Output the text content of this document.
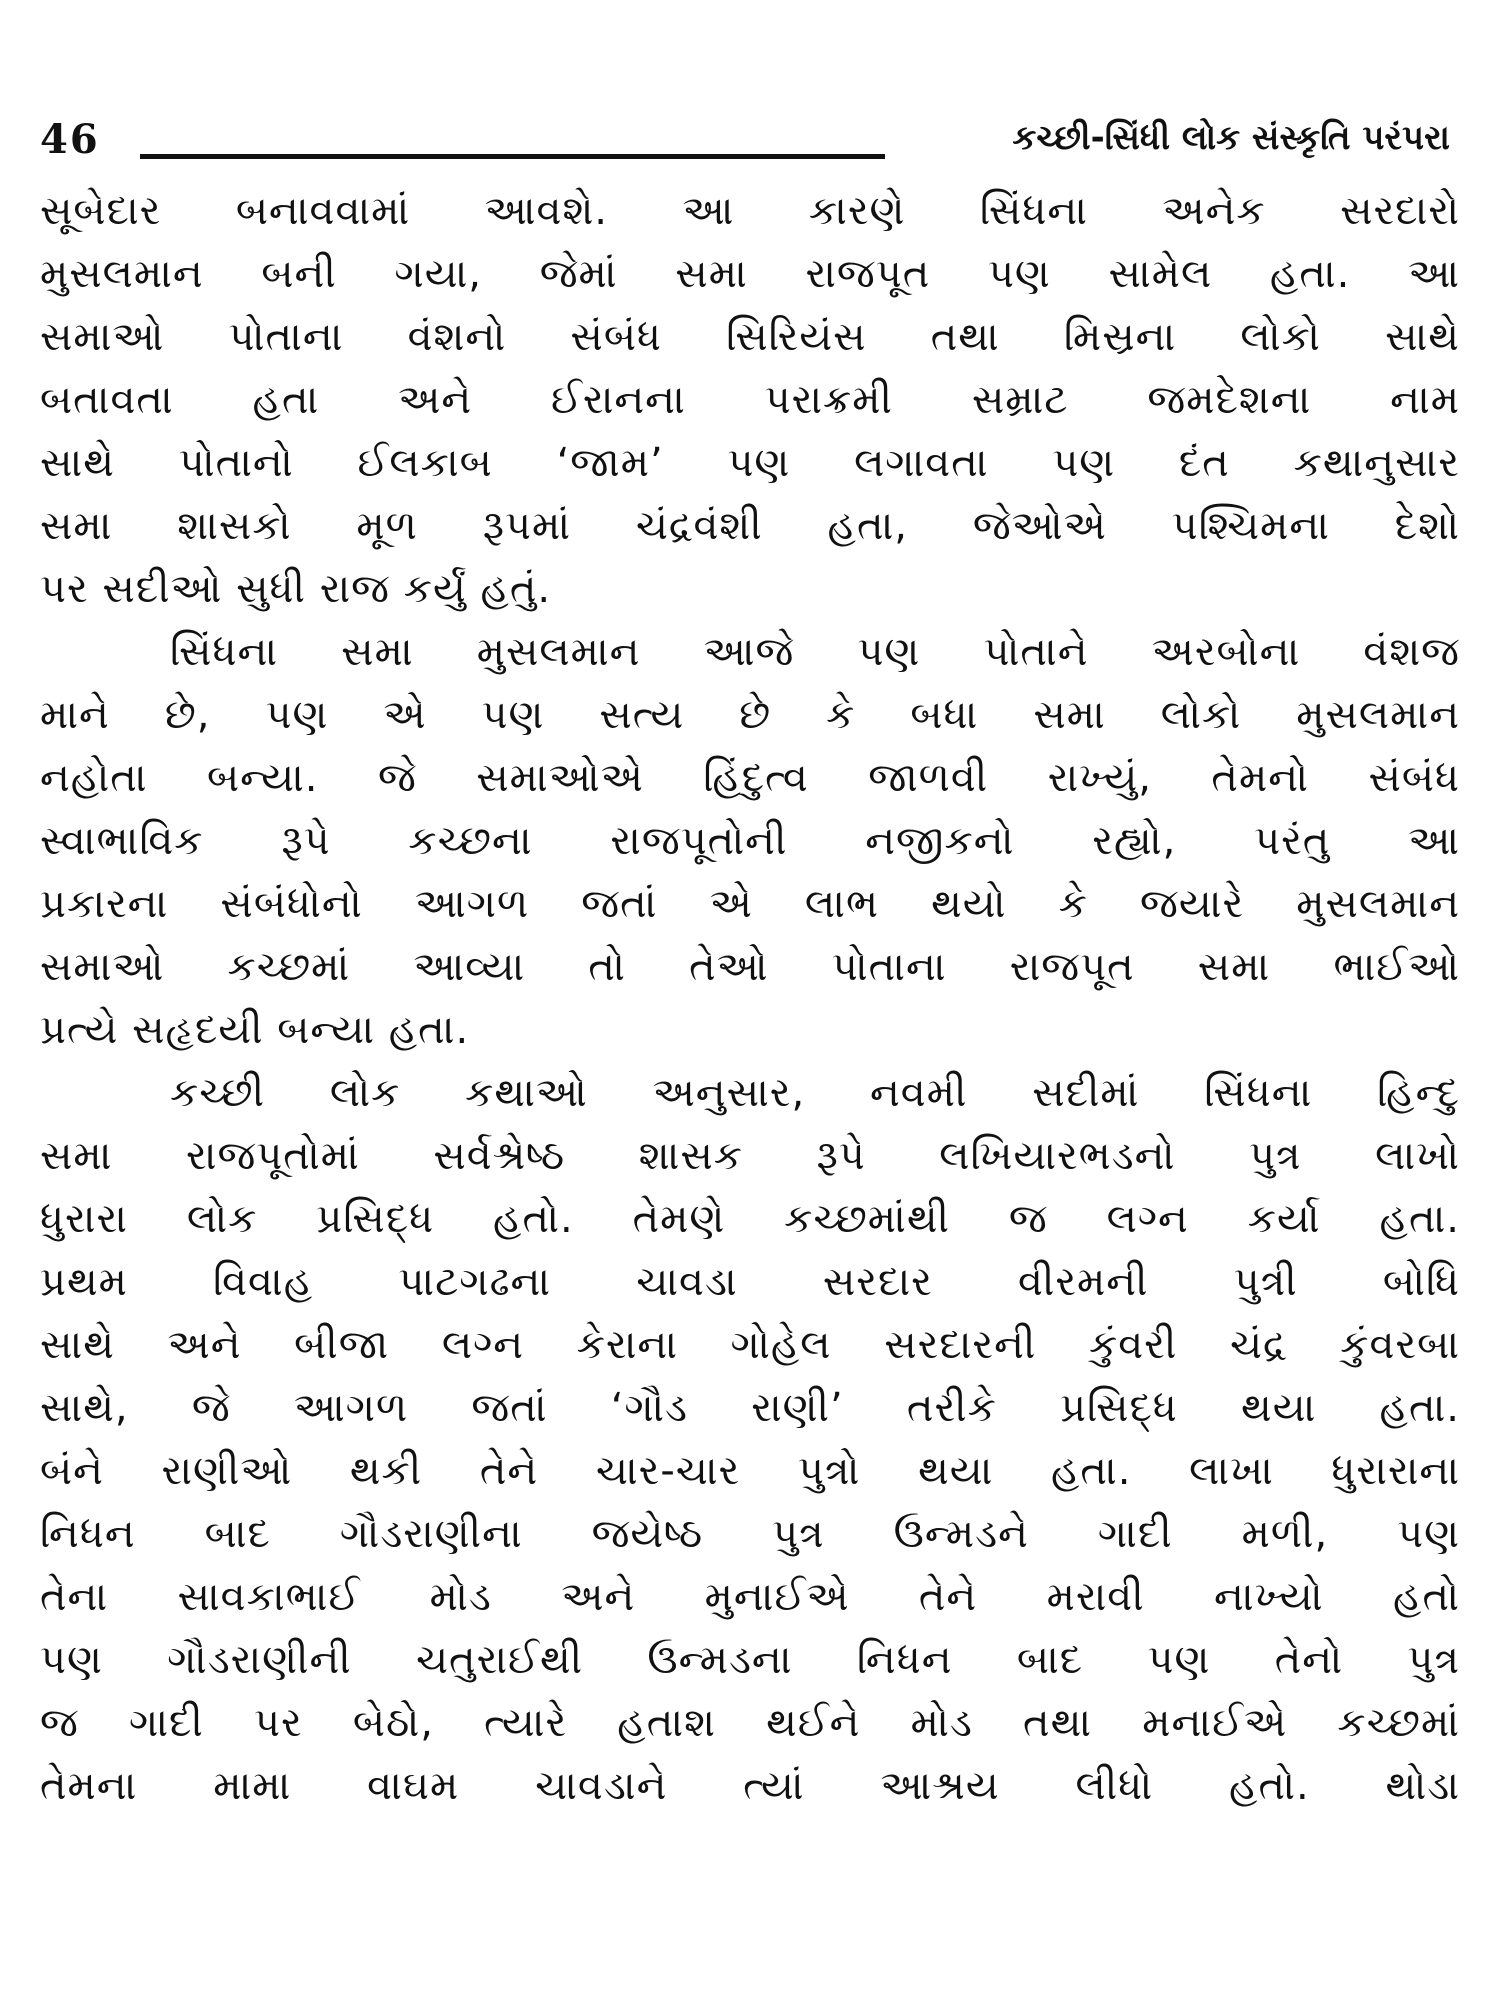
46	કચ્છી-સિંધી લોક સંસ્કૃતિ પરંપરા
સૂબેદાર બનાવવામાં આવશે. આ કારણે સિંધના અનેક સરદારો
મુસલમાન બની ગયા, જેમાં સમા રાજપૂત પણ સામેલ હતા. આ
સમાઓ પોતાના વંશનો સંબંધ સિરિયંસ તથા મિસ્રના લોકો સાથે
બતાવતા હતા અને ઈરાનના પરાક્રમી સમ્રાટ જમદેશના નામ
સાથે પોતાનો ઈલકાબ ‘જામ’ પણ લગાવતા પણ દંત કથાનુસાર
સમા શાસકો મૂળ રૂપમાં ચંદ્રવંશી હતા, જેઓએ પશ્ચિમના દેશો
પર સદીઓ સુધી રાજ કર્યું હતું.
સિંધના સમા મુસલમાન આજે પણ પોતાને અરબોના વંશજ
માને છે, પણ એ પણ સત્ય છે કે બધા સમા લોકો મુસલમાન
નહોતા બન્યા. જે સમાઓએ હિંદુત્વ જાળવી રાખ્યું, તેમનો સંબંધ
સ્વાભાવિક રૂપે કચ્છના રાજપૂતોની નજીકનો રહ્યો, પરંતુ આ
પ્રકારના સંબંધોનો આગળ જતાં એ લાભ થયો કે જયારે મુસલમાન
સમાઓ કચ્છમાં આવ્યા તો તેઓ પોતાના રાજપૂત સમા ભાઈઓ
પ્રત્યે સહૃદયી બન્યા હતા.
કચ્છી લોક કથાઓ અનુસાર, નવમી સદીમાં સિંધના હિન્દુ
સમા રાજપૂતોમાં સર્વશ્રેષ્ઠ શાસક રૂપે લખિયારભડનો પુત્ર લાખો
ધુરારા લોક પ્રસિદ્ધ હતો. તેમણે કચ્છમાંથી જ લગ્ન કર્યા હતા.
પ્રથમ વિવાહ પાટગઢના ચાવડા સરદાર વીરમની પુત્રી બોધિ
સાથે અને બીજા લગ્ન કેરાના ગોહેલ સરદારની કુંવરી ચંદ્ર કુંવરબા
સાથે, જે આગળ જતાં ‘ગૌડ રાણી’ તરીકે પ્રસિદ્ધ થયા હતા.
બંને રાણીઓ થકી તેને ચાર-ચાર પુત્રો થયા હતા. લાખા ધુરારાના
નિધન બાદ ગૌડરાણીના જયેષ્ઠ પુત્ર ઉન્મડને ગાદી મળી, પણ
તેના સાવકાભાઈ મોડ અને મુનાઈએ તેને મરાવી નાખ્યો હતો
પણ ગૌડરાણીની ચતુરાઈથી ઉન્મડના નિધન બાદ પણ તેનો પુત્ર
જ ગાદી પર બેઠો, ત્યારે હતાશ થઈને મોડ તથા મનાઈએ કચ્છમાં
તેમના મામા વાઘમ ચાવડાને ત્યાં આશ્રય લીધો હતો. થોડા
